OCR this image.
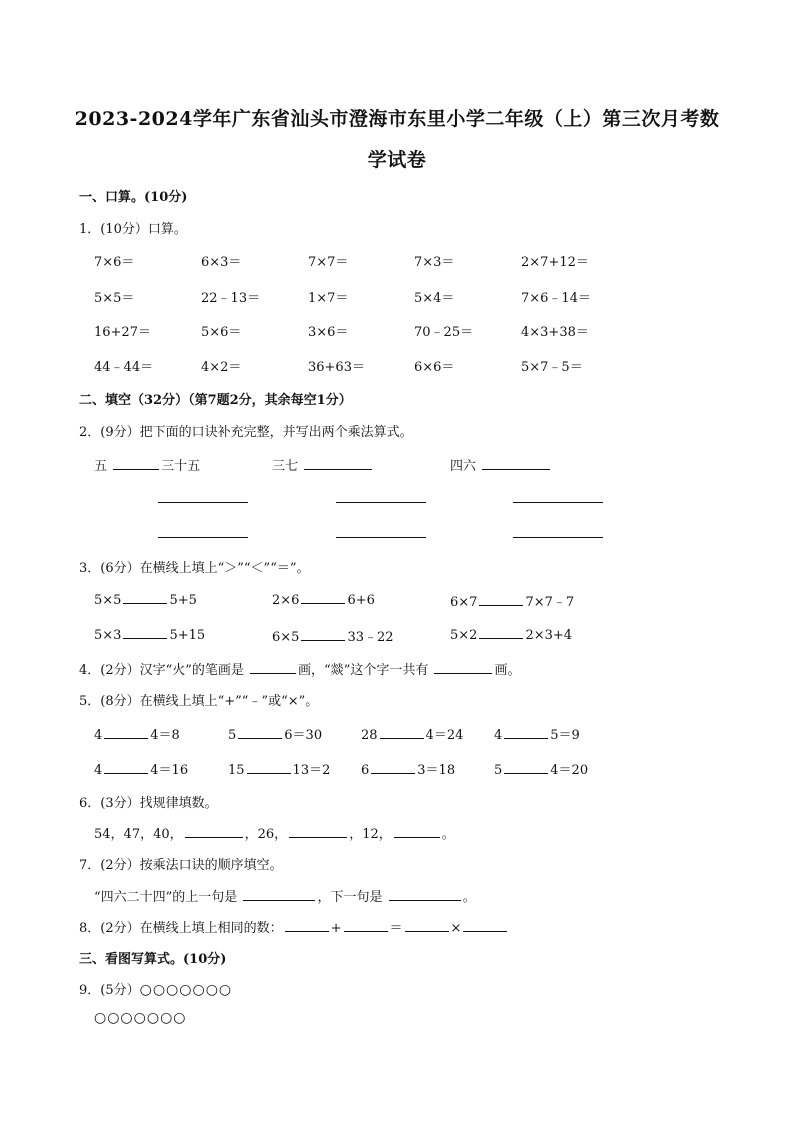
2023-2024学年广东省汕头市澄海市东里小学二年级（上）第三次月考数
学试卷
一、口算。(10分)
1．(10分）口算。
7×6＝	6×3＝	7×7＝	7×3＝	2×7+12＝
5×5＝	22﹣13＝	1×7＝	5×4＝	7×6﹣14＝
16+27＝	5×6＝	3×6＝	70﹣25＝	4×3+38＝
44﹣44＝	4×2＝	36+63＝	6×6＝	5×7﹣5＝
二、填空（32分）（第7题2分，其余每空1分）
2．(9分）把下面的口诀补充完整，并写出两个乘法算式。
五	三十五	三七	四六
3．(6分）在横线上填上“＞”“＜”“＝”。
5×5	5+5	2×6	6+6	6×7	7×7﹣7
5×3	5+15	6×5	33﹣22	5×2	2×3+4
4．(2分）汉字“火”的笔画是	画，“燚”这个字一共有	画。
5．(8分）在横线上填上“+”“﹣”或“×”。
4	4＝8	5	6＝30	28	4＝24 4	5＝9
4	4＝16	15	13＝2 6	3＝18	5	4＝20
6．(3分）找规律填数。
54，47，40，	，26，	，12，	。
7．(2分）按乘法口诀的顺序填空。
“四六二十四”的上一句是	，下一句是	。
8．(2分）在横线上填上相同的数：	+	＝	×
三、看图写算式。(10分)
9．(5分）○○○○○○○
○○○○○○○
